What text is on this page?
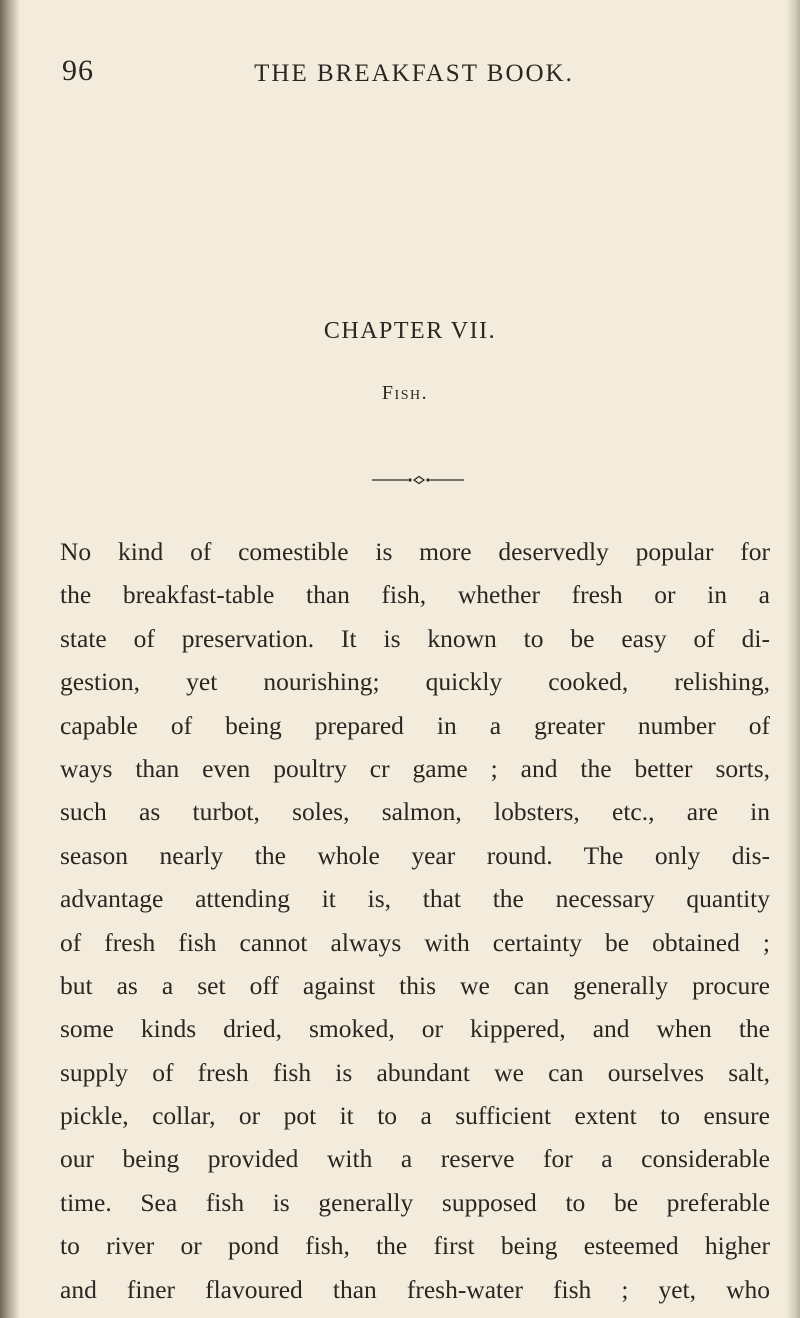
96	THE BREAKFAST BOOK.
CHAPTER VII.
Fish.
No kind of comestible is more deservedly popular for
the breakfast-table than fish, whether fresh or in a
state of preservation. It is known to be easy of di-
gestion, yet nourishing; quickly cooked, relishing,
capable of being prepared in a greater number of
ways than even poultry cr game ; and the better sorts,
such as turbot, soles, salmon, lobsters, etc., are in
season nearly the whole year round. The only dis-
advantage attending it is, that the necessary quantity
of fresh fish cannot always with certainty be obtained ;
but as a set off against this we can generally procure
some kinds dried, smoked, or kippered, and when the
supply of fresh fish is abundant we can ourselves salt,
pickle, collar, or pot it to a sufficient extent to ensure
our being provided with a reserve for a considerable
time. Sea fish is generally supposed to be preferable
to river or pond fish, the first being esteemed higher
and finer flavoured than fresh-water fish ; yet, who
